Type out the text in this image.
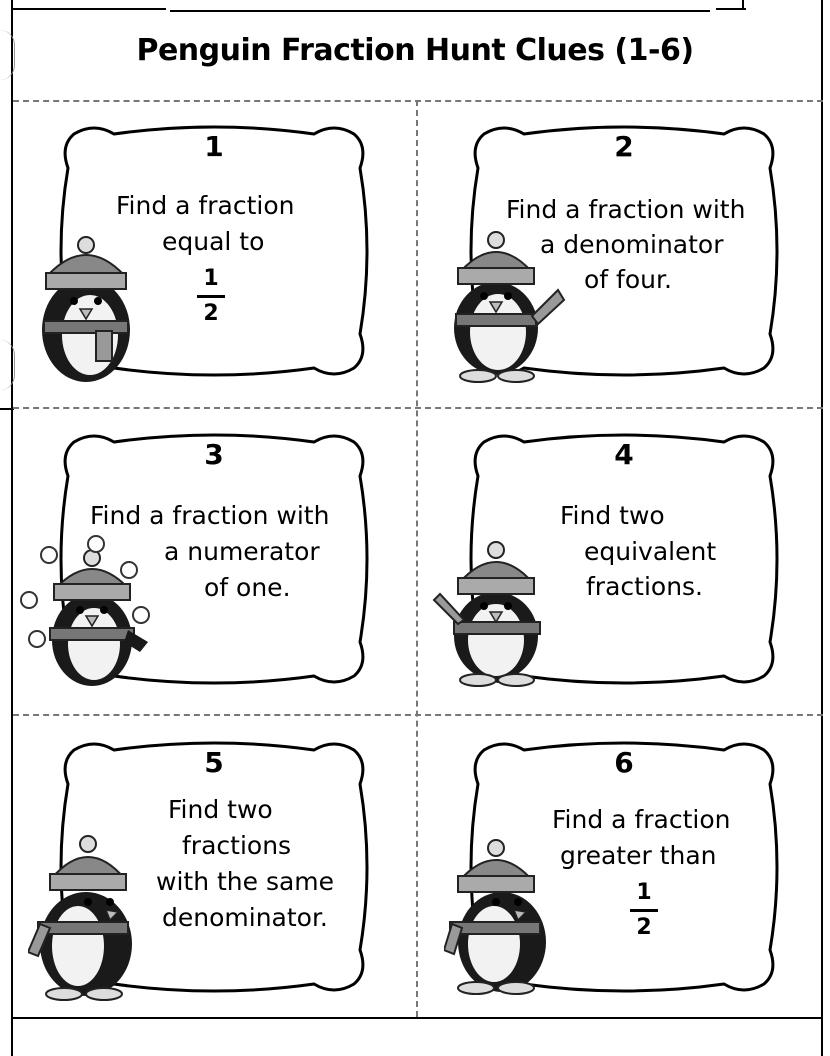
Penguin Fraction Hunt Clues (1-6)
1
Find a fraction
equal to
1
2
2
Find a fraction with
a denominator
of four.
3
Find a fraction with
a numerator
of one.
4
Find two
equivalent
fractions.
5
Find two
fractions
with the same
denominator.
6
Find a fraction
greater than
1
2
